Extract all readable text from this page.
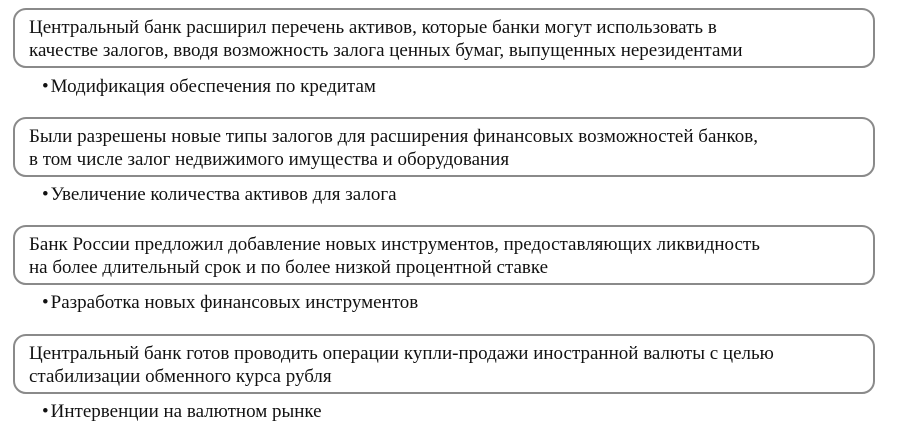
Центральный банк расширил перечень активов, которые банки могут использовать в
качестве залогов, вводя возможность залога ценных бумаг, выпущенных нерезидентами
• Модификация обеспечения по кредитам
Были разрешены новые типы залогов для расширения финансовых возможностей банков,
в том числе залог недвижимого имущества и оборудования
• Увеличение количества активов для залога
Банк России предложил добавление новых инструментов, предоставляющих ликвидность
на более длительный срок и по более низкой процентной ставке
• Разработка новых финансовых инструментов
Центральный банк готов проводить операции купли-продажи иностранной валюты с целью
стабилизации обменного курса рубля
• Интервенции на валютном рынке
